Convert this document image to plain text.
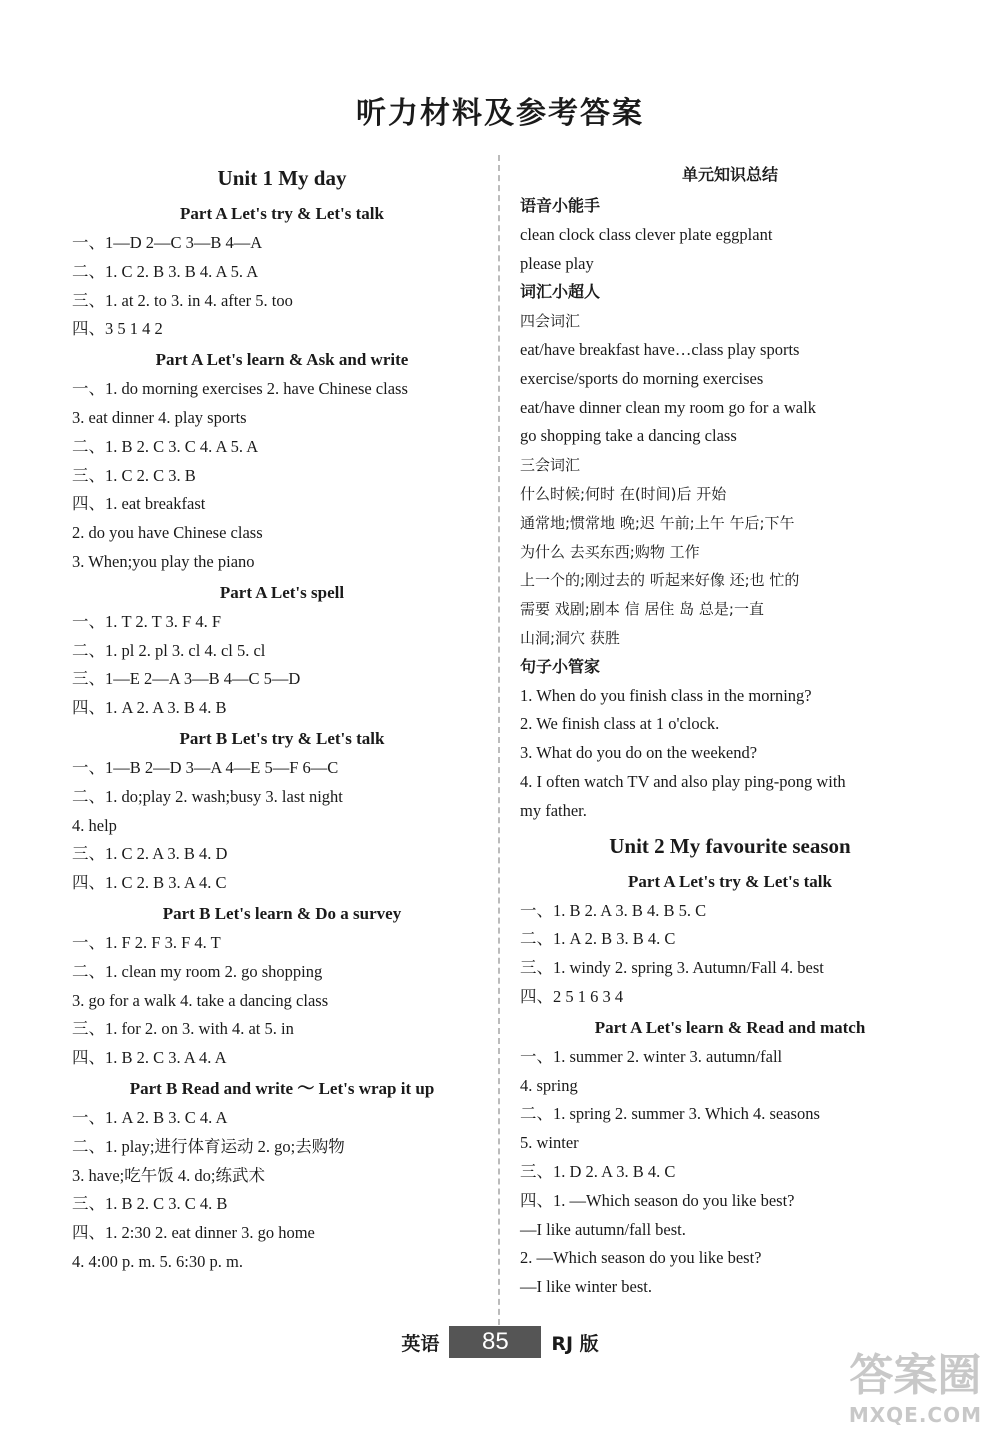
听力材料及参考答案
Unit 1 My day
Part A Let's try & Let's talk
一、1—D 2—C 3—B 4—A
二、1. C 2. B 3. B 4. A 5. A
三、1. at 2. to 3. in 4. after 5. too
四、3 5 1 4 2
Part A Let's learn & Ask and write
一、1. do morning exercises 2. have Chinese class
3. eat dinner 4. play sports
二、1. B 2. C 3. C 4. A 5. A
三、1. C 2. C 3. B
四、1. eat breakfast
2. do you have Chinese class
3. When;you play the piano
Part A Let's spell
一、1. T 2. T 3. F 4. F
二、1. pl 2. pl 3. cl 4. cl 5. cl
三、1—E 2—A 3—B 4—C 5—D
四、1. A 2. A 3. B 4. B
Part B Let's try & Let's talk
一、1—B 2—D 3—A 4—E 5—F 6—C
二、1. do;play 2. wash;busy 3. last night
4. help
三、1. C 2. A 3. B 4. D
四、1. C 2. B 3. A 4. C
Part B Let's learn & Do a survey
一、1. F 2. F 3. F 4. T
二、1. clean my room 2. go shopping
3. go for a walk 4. take a dancing class
三、1. for 2. on 3. with 4. at 5. in
四、1. B 2. C 3. A 4. A
Part B Read and write ～ Let's wrap it up
一、1. A 2. B 3. C 4. A
二、1. play;进行体育运动 2. go;去购物
3. have;吃午饭 4. do;练武术
三、1. B 2. C 3. C 4. B
四、1. 2:30 2. eat dinner 3. go home
4. 4:00 p. m. 5. 6:30 p. m.
单元知识总结
语音小能手
clean clock class clever plate eggplant
please play
词汇小超人
四会词汇
eat/have breakfast have…class play sports
exercise/sports do morning exercises
eat/have dinner clean my room go for a walk
go shopping take a dancing class
三会词汇
什么时候;何时 在(时间)后 开始
通常地;惯常地 晚;迟 午前;上午 午后;下午
为什么 去买东西;购物 工作
上一个的;刚过去的 听起来好像 还;也 忙的
需要 戏剧;剧本 信 居住 岛 总是;一直
山洞;洞穴 获胜
句子小管家
1. When do you finish class in the morning?
2. We finish class at 1 o'clock.
3. What do you do on the weekend?
4. I often watch TV and also play ping-pong with
my father.
Unit 2 My favourite season
Part A Let's try & Let's talk
一、1. B 2. A 3. B 4. B 5. C
二、1. A 2. B 3. B 4. C
三、1. windy 2. spring 3. Autumn/Fall 4. best
四、2 5 1 6 3 4
Part A Let's learn & Read and match
一、1. summer 2. winter 3. autumn/fall
4. spring
二、1. spring 2. summer 3. Which 4. seasons
5. winter
三、1. D 2. A 3. B 4. C
四、1. —Which season do you like best?
—I like autumn/fall best.
2. —Which season do you like best?
—I like winter best.
英语	85	RJ 版
答案圈
MXQE.COM
